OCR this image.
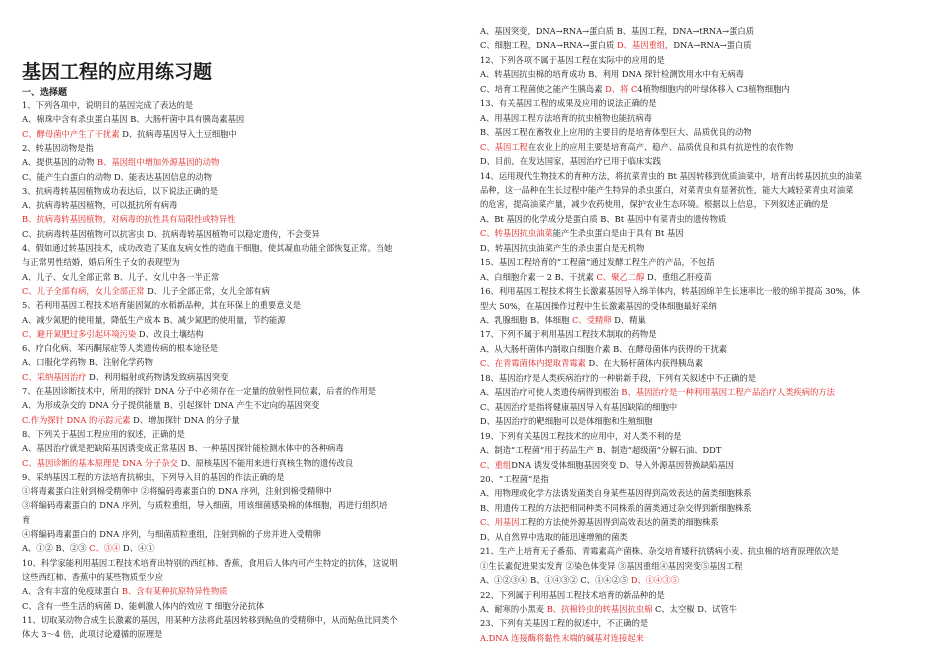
基因工程的应用练习题
一、选择题
1、下列各项中，说明目的基因完成了表达的是
A、棉珠中含有杀虫蛋白基因 B、大肠杆菌中具有胰岛素基因
C、酵母菌中产生了干扰素 D、抗病毒基因导入土豆细胞中
2、转基因动物是指
A、提供基因的动物 B、基因组中增加外源基因的动物
C、能产生白蛋白的动物 D、能表达基因信息的动物
3、抗病毒转基因植物成功表达后，以下说法正确的是
A、抗病毒转基因植物，可以抵抗所有病毒
B、抗病毒转基因植物，对病毒的抗性具有局限性或特异性
C、抗病毒转基因植物可以抗害虫 D、抗病毒转基因植物可以稳定遗传，不会变异
4、假如通过转基因技术，成功改造了某血友病女性的造血干细胞，使其凝血功能全部恢复正常。当她
与正常男性结婚，婚后所生子女的表现型为
A、儿子、女儿全部正常 B、儿子、女儿中各一半正常
C、儿子全部有病，女儿全部正常 D、儿子全部正常，女儿全部有病
5、若利用基因工程技术培育能固氮的水稻新品种，其在环保上的重要意义是
A、减少氮肥的使用量，降低生产成本 B、减少氮肥的使用量，节约能源
C、避开氮肥过多引起环境污染 D、改良土壤结构
6、疗白化病、苯丙酮尿症等人类遗传病的根本途径是
A、口服化学药物 B、注射化学药物
C、采纳基因治疗 D、利用辐射或药物诱发致病基因突变
7、在基因诊断技术中，所用的探针 DNA 分子中必须存在一定量的放射性同位素，后者的作用是
A、为形成杂交的 DNA 分子提供能量 B、引起探针 DNA 产生不定向的基因突变
C.作为探针 DNA 的示踪元素 D、增加探针 DNA 的分子量
8、下列关于基因工程应用的叙述，正确的是
A、基因治疗就是把缺陷基因诱变成正常基因 B、一种基因探针能检测水体中的各种病毒
C、基因诊断的基本原理是 DNA 分子杂交 D、原核基因不能用来进行真核生物的遗传改良
9、采纳基因工程的方法培育抗棉虫，下列导入目的基因的作法正确的是
①将毒素蛋白注射到棉受精卵中 ②将编码毒素蛋白的 DNA 序列，注射到棉受精卵中
③将编码毒素蛋白的 DNA 序列，与质粒重组，导入细菌，用该细菌感染棉的体细胞，再进行组织培
育
④将编码毒素蛋白的 DNA 序列，与细菌质粒重组，注射到棉的子房并进入受精卵
A、①② B、②③ C、③④ D、④①
10、科学家能利用基因工程技术培育出特别的西红柿、香蕉，食用后人体内可产生特定的抗体，这说明
这些西红柿、香蕉中的某些物质至少应
A、含有丰富的免疫球蛋白 B、含有某种抗原特异性物质
C、含有一些生活的病菌 D、能刺激人体内的效应 T 细胞分泌抗体
11、切取某动物合成生长激素的基因，用某种方法将此基因转移到鲇鱼的受精卵中，从而鲇鱼比同类个
体大 3～4 倍，此项讨论遵循的原理是
A、基因突变，DNA→RNA→蛋白质 B、基因工程，DNA→tRNA→蛋白质
C、细胞工程，DNA→RNA→蛋白质 D、基因重组，DNA→RNA→蛋白质
12、下列各项不属于基因工程在实际中的应用的是
A、转基因抗虫棉的培育成功 B、利用 DNA 探针检测饮用水中有无病毒
C、培育工程菌使之能产生胰岛素 D、将 C4植物细胞内的叶绿体移入 C3植物细胞内
13、有关基因工程的成果及应用的说法正确的是
A、用基因工程方法培育的抗虫植物也能抗病毒
B、基因工程在畜牧业上应用的主要目的是培育体型巨大、品质优良的动物
C、基因工程在农业上的应用主要是培育高产、稳产、品质优良和具有抗逆性的农作物
D、目前，在发达国家，基因治疗已用于临床实践
14、运用现代生物技术的育种方法，将抗菜青虫的 Bt 基因转移到优质油菜中，培育出转基因抗虫的油菜
品种，这一品种在生长过程中能产生特异的杀虫蛋白，对菜青虫有显著抗性，能大大减轻菜青虫对油菜
的危害，提高油菜产量，减少农药使用，保护农业生态环境。根据以上信息，下列叙述正确的是
A、Bt 基因的化学成分是蛋白质 B、Bt 基因中有菜青虫的遗传物质
C、转基因抗虫油菜能产生杀虫蛋白是由于具有 Bt 基因
D、转基因抗虫油菜产生的杀虫蛋白是无机物
15、基因工程培育的“工程菌”通过发酵工程生产的产品，不包括
A、白细胞介素一 2 B、干扰素 C、聚乙二醇 D、重组乙肝疫苗
16、利用基因工程技术将生长激素基因导入绵羊体内，转基因绵羊生长速率比一般的绵羊提高 30%，体
型大 50%，在基因操作过程中生长激素基因的受体细胞最好采纳
A、乳腺细胞 B、体细胞 C、受精卵 D、精巢
17、下列不属于利用基因工程技术制取的药物是
A、从大肠杆菌体内制取白细胞介素 B、在酵母菌体内获得的干扰素
C、在青霉菌体内提取青霉素 D、在大肠杆菌体内获得胰岛素
18、基因治疗是人类疾病治疗的一种崭新手段，下列有关叙述中不正确的是
A、基因治疗可使人类遗传病得到根治 B、基因治疗是一种利用基因工程产品治疗人类疾病的方法
C、基因治疗是指将健康基因导入有基因缺陷的细胞中
D、基因治疗的靶细胞可以是体细胞和生殖细胞
19、下列有关基因工程技术的应用中，对人类不利的是
A、制造“工程菌”用于药品生产 B、制造“超级菌”分解石油、DDT
C、重组DNA 诱发受体细胞基因突变 D、导入外源基因替换缺陷基因
20、“工程菌”是指
A、用物理或化学方法诱发菌类自身某些基因得到高效表达的菌类细胞株系
B、用遗传工程的方法把相同种类不同株系的菌类通过杂交得到新细胞株系
C、用基因工程的方法使外源基因得到高效表达的菌类的细胞株系
D、从自然界中选取的能迅速增殖的菌类
21、生产上培育无子番茄、青霉素高产菌株、杂交培育矮秆抗锈病小麦、抗虫棉的培育原理依次是
①生长素促进果实发育 ②染色体变异 ③基因重组④基因突变⑤基因工程
A、①②③④ B、①④③② C、①④②⑤ D、①④③⑤
22、下列属于利用基因工程技术培育的新品种的是
A、耐寒的小黑麦 B、抗棉铃虫的转基因抗虫棉 C、太空椒 D、试管牛
23、下列有关基因工程的叙述中，不正确的是
A.DNA 连接酶将黏性末端的碱基对连接起来
